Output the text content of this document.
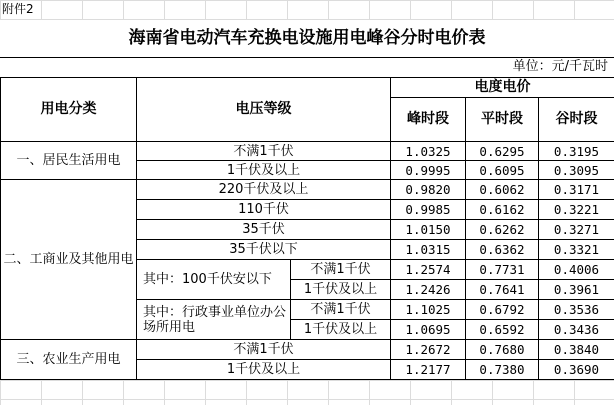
附件2
海南省电动汽车充换电设施用电峰谷分时电价表
单位：元/千瓦时
用电分类	电压等级		电度电价		
			峰时段	平时段	谷时段
一、居民生活用电	不满1千伏		1.0325	0.6295	0.3195
	1千伏及以上		0.9995	0.6095	0.3095
二、工商业及其他用电	220千伏及以上		0.9820	0.6062	0.3171
	110千伏		0.9985	0.6162	0.3221
	35千伏		1.0150	0.6262	0.3271
	35千伏以下		1.0315	0.6362	0.3321
	其中：100千伏安以下	不满1千伏	1.2574	0.7731	0.4006
		1千伏及以上	1.2426	0.7641	0.3961
	其中：行政事业单位办公场所用电	不满1千伏	1.1025	0.6792	0.3536
		1千伏及以上	1.0695	0.6592	0.3436
三、农业生产用电	不满1千伏		1.2672	0.7680	0.3840
	1千伏及以上		1.2177	0.7380	0.3690
